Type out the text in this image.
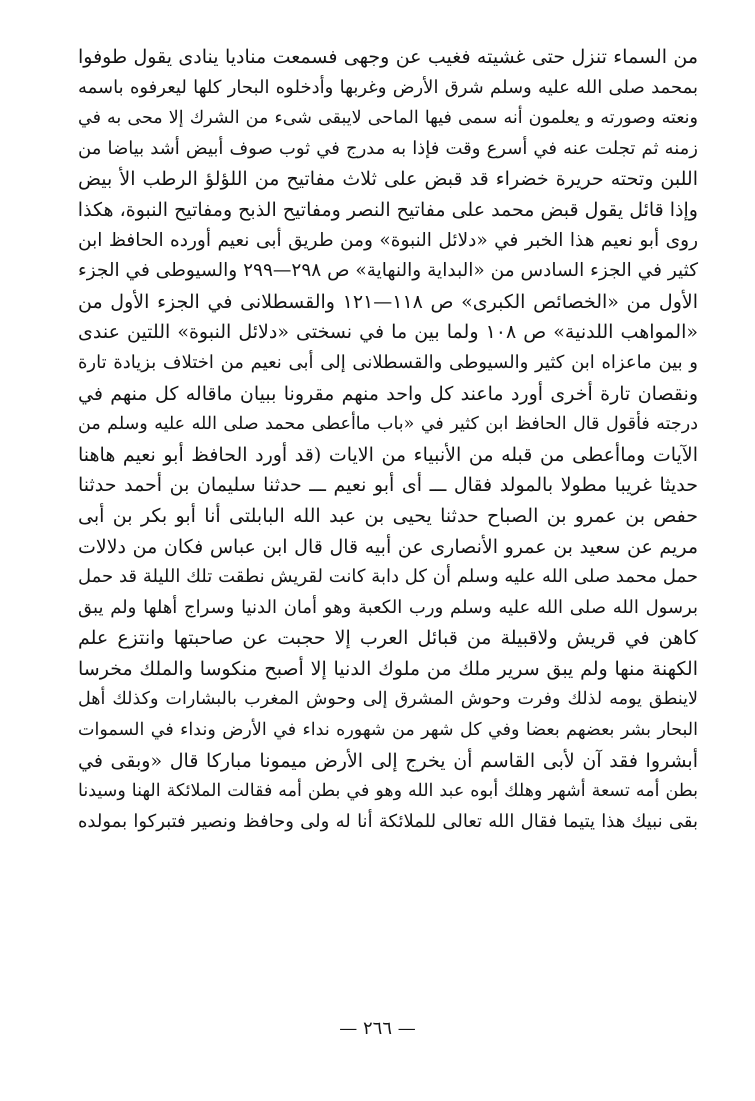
من السماء تنزل حتى غشيته فغيب عن وجهى فسمعت مناديا ينادى يقول طوفوا
بمحمد صلى الله عليه وسلم شرق الأرض وغربها وأدخلوه البحار كلها ليعرفوه باسمه
ونعته وصورته و يعلمون أنه سمى فيها الماحى لايبقى شىء من الشرك إلا محى به في
زمنه ثم تجلت عنه في أسرع وقت فإذا به مدرج في ثوب صوف أبيض أشد بياضا من
اللبن وتحته حريرة خضراء قد قبض على ثلاث مفاتيح من اللؤلؤ الرطب الأ بيض
وإذا قائل يقول قبض محمد على مفاتيح النصر ومفاتيح الذبح ومفاتيح النبوة، هكذا
روى أبو نعيم هذا الخبر في «دلائل النبوة» ومن طريق أبى نعيم أورده الحافظ ابن
كثير في الجزء السادس من «البداية والنهاية» ص ٢٩٨—٢٩٩ والسيوطى في الجزء
الأول من «الخصائص الكبرى» ص ١١٨—١٢١ والقسطلانى في الجزء الأول من
«المواهب اللدنية» ص ١٠٨ ولما بين ما في نسختى «دلائل النبوة» اللتين عندى
و بين ماعزاه ابن كثير والسيوطى والقسطلانى إلى أبى نعيم من اختلاف بزيادة تارة
ونقصان تارة أخرى أورد ماعند كل واحد منهم مقرونا ببيان ماقاله كل منهم في
درجته فأقول قال الحافظ ابن كثير في «باب ماأعطى محمد صلى الله عليه وسلم من
الآيات وماأعطى من قبله من الأنبياء من الايات (قد أورد الحافظ أبو نعيم هاهنا
حديثا غريبا مطولا بالمولد فقال ـــ أى أبو نعيم ـــ حدثنا سليمان بن أحمد حدثنا
حفص بن عمرو بن الصباح حدثنا يحيى بن عبد الله البابلتى أنا أبو بكر بن أبى
مريم عن سعيد بن عمرو الأنصارى عن أبيه قال قال ابن عباس فكان من دلالات
حمل محمد صلى الله عليه وسلم أن كل دابة كانت لقريش نطقت تلك الليلة قد حمل
برسول الله صلى الله عليه وسلم ورب الكعبة وهو أمان الدنيا وسراج أهلها ولم يبق
كاهن في قريش ولاقبيلة من قبائل العرب إلا حجبت عن صاحبتها وانتزع علم
الكهنة منها ولم يبق سرير ملك من ملوك الدنيا إلا أصبح منكوسا والملك مخرسا
لاينطق يومه لذلك وفرت وحوش المشرق إلى وحوش المغرب بالبشارات وكذلك أهل
البحار بشر بعضهم بعضا وفي كل شهر من شهوره نداء في الأرض ونداء في السموات
أبشروا فقد آن لأبى القاسم أن يخرج إلى الأرض ميمونا مباركا قال «وبقى في
بطن أمه تسعة أشهر وهلك أبوه عبد الله وهو في بطن أمه فقالت الملائكة الهنا وسيدنا
بقى نبيك هذا يتيما فقال الله تعالى للملائكة أنا له ولى وحافظ ونصير فتبركوا بمولده
— ٢٦٦ —
